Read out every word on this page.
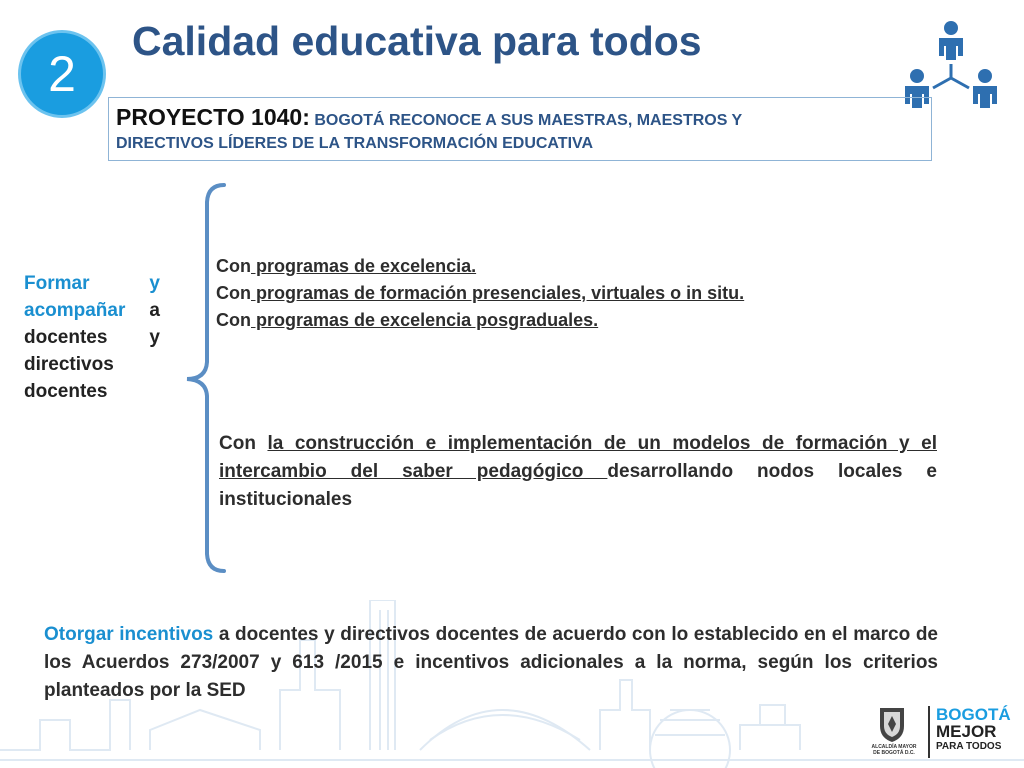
2
Calidad educativa para todos
PROYECTO 1040: BOGOTÁ RECONOCE A SUS MAESTRAS, MAESTROS Y
DIRECTIVOS LÍDERES DE LA TRANSFORMACIÓN EDUCATIVA
Formar y acompañar a docentes y directivos docentes
Con programas de excelencia.
Con programas de formación presenciales, virtuales o in situ.
Con programas de excelencia posgraduales.
Con la construcción e implementación de un modelos de formación y el intercambio del saber pedagógico desarrollando nodos locales e institucionales
Otorgar incentivos a docentes y directivos docentes de acuerdo con lo establecido en el marco de los Acuerdos 273/2007 y 613 /2015 e incentivos adicionales a la norma, según los criterios planteados por la SED
ALCALDÍA MAYOR
DE BOGOTÁ D.C.
BOGOTÁ
MEJOR
PARA TODOS
